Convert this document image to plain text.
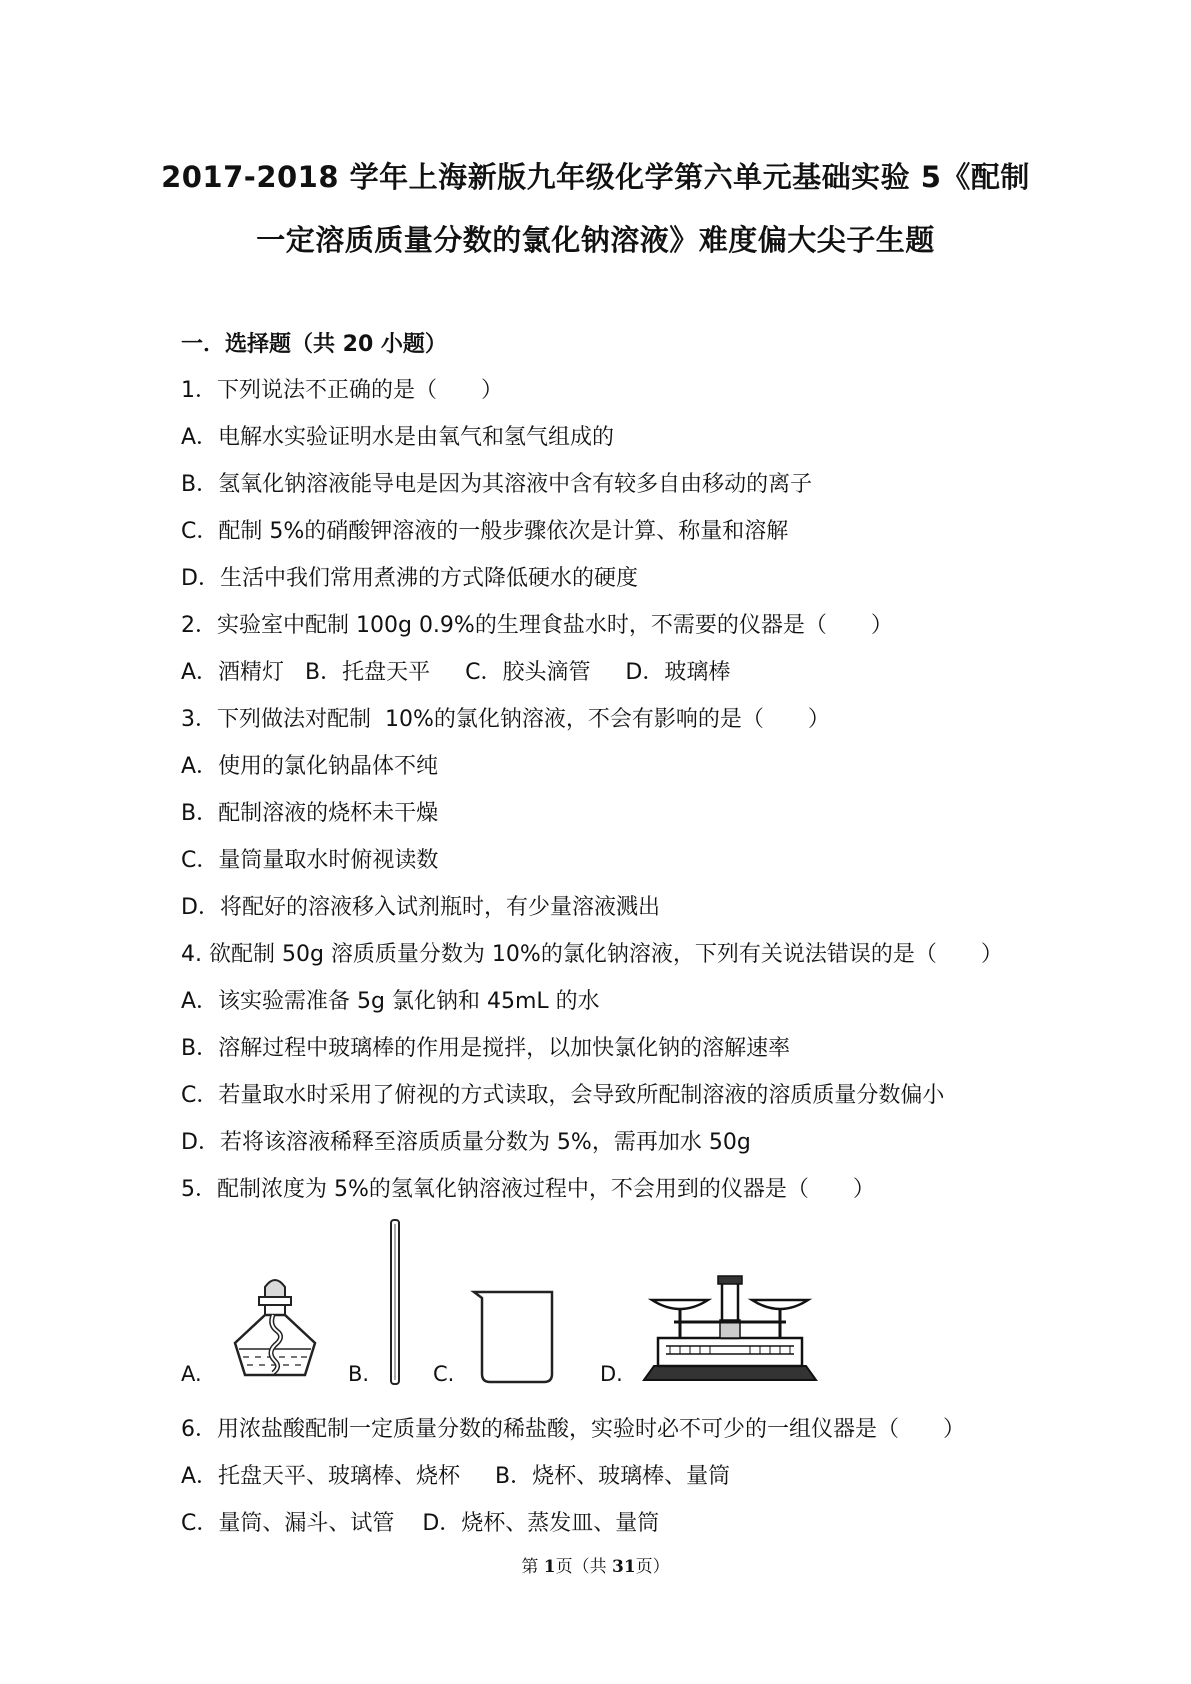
2017-2018 学年上海新版九年级化学第六单元基础实验 5《配制
一定溶质质量分数的氯化钠溶液》难度偏大尖子生题
一．选择题（共 20 小题）
1．下列说法不正确的是（　　）
A．电解水实验证明水是由氧气和氢气组成的
B．氢氧化钠溶液能导电是因为其溶液中含有较多自由移动的离子
C．配制 5%的硝酸钾溶液的一般步骤依次是计算、称量和溶解
D．生活中我们常用煮沸的方式降低硬水的硬度
2．实验室中配制 100g 0.9%的生理食盐水时，不需要的仪器是（　　）
A．酒精灯   B．托盘天平     C．胶头滴管     D．玻璃棒
3．下列做法对配制  10%的氯化钠溶液，不会有影响的是（　　）
A．使用的氯化钠晶体不纯
B．配制溶液的烧杯未干燥
C．量筒量取水时俯视读数
D．将配好的溶液移入试剂瓶时，有少量溶液溅出
4. 欲配制 50g 溶质质量分数为 10%的氯化钠溶液，下列有关说法错误的是（　　）
A．该实验需准备 5g 氯化钠和 45mL 的水
B．溶解过程中玻璃棒的作用是搅拌，以加快氯化钠的溶解速率
C．若量取水时采用了俯视的方式读取，会导致所配制溶液的溶质质量分数偏小
D．若将该溶液稀释至溶质质量分数为 5%，需再加水 50g
5．配制浓度为 5%的氢氧化钠溶液过程中，不会用到的仪器是（　　）
A.	B.	C.	D.
6．用浓盐酸配制一定质量分数的稀盐酸，实验时必不可少的一组仪器是（　　）
A．托盘天平、玻璃棒、烧杯     B．烧杯、玻璃棒、量筒
C．量筒、漏斗、试管    D．烧杯、蒸发皿、量筒
第 1页（共 31页）
